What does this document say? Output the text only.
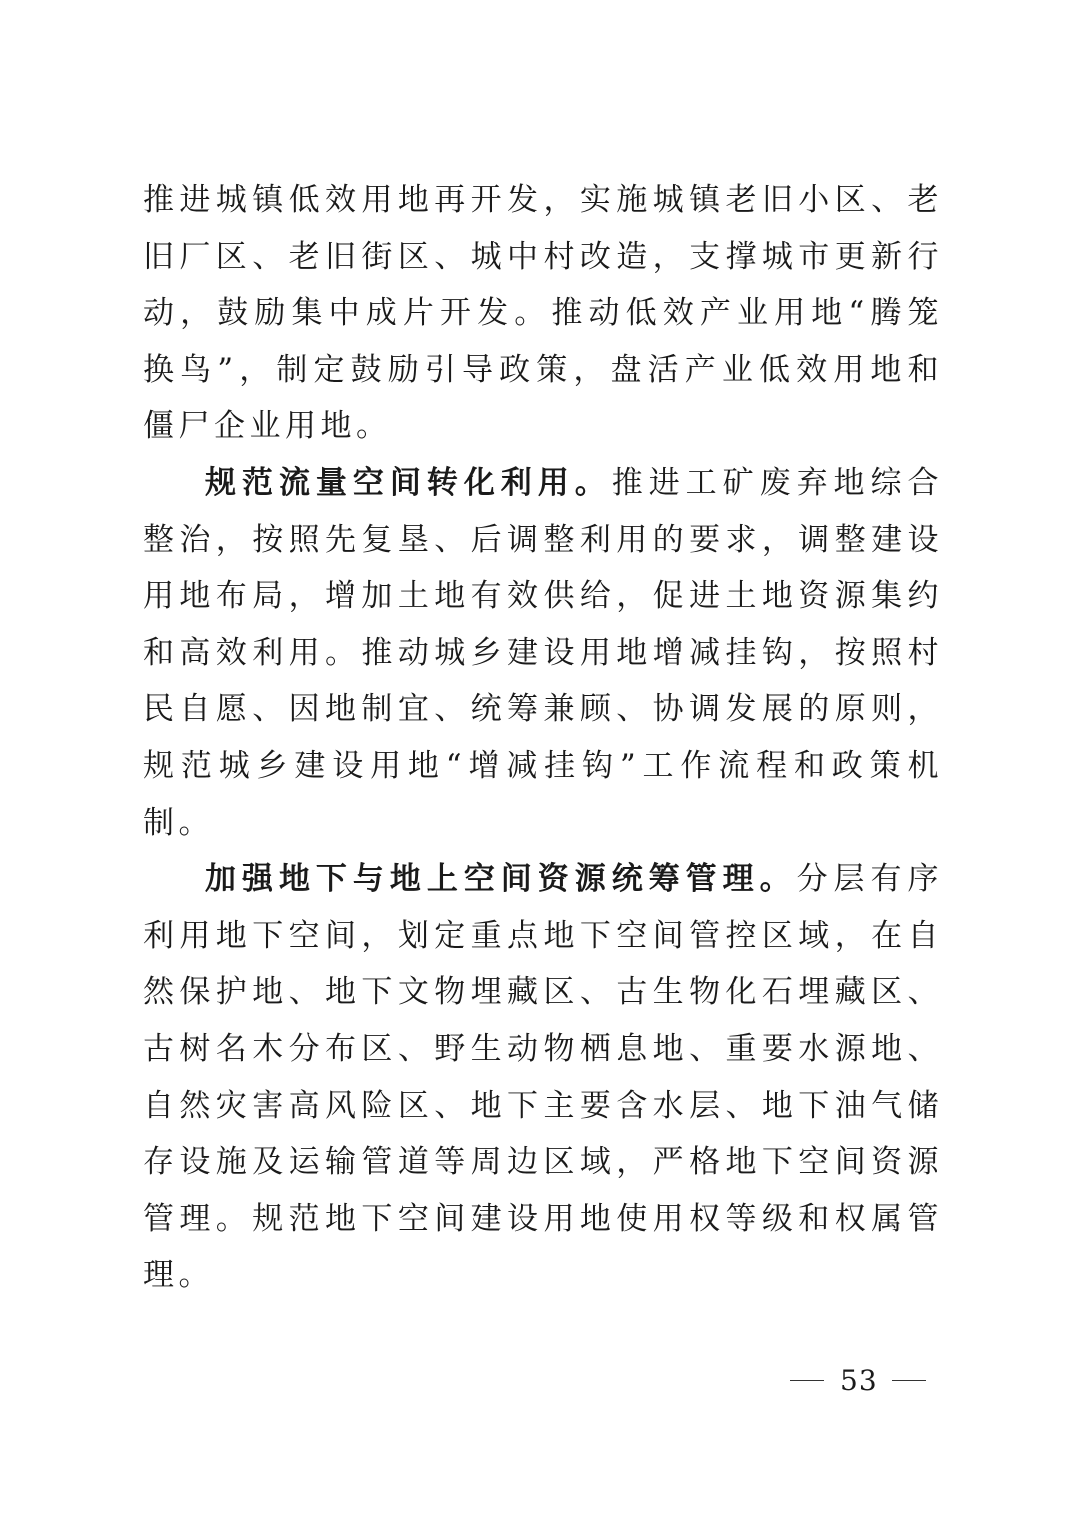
推进城镇低效用地再开发，实施城镇老旧小区、老旧厂区、老旧街区、城中村改造，支撑城市更新行动，鼓励集中成片开发。推动低效产业用地“腾笼换鸟”，制定鼓励引导政策，盘活产业低效用地和僵尸企业用地。

规范流量空间转化利用。推进工矿废弃地综合整治，按照先复垦、后调整利用的要求，调整建设用地布局，增加土地有效供给，促进土地资源集约和高效利用。推动城乡建设用地增减挂钩，按照村民自愿、因地制宜、统筹兼顾、协调发展的原则，规范城乡建设用地“增减挂钩”工作流程和政策机制。

加强地下与地上空间资源统筹管理。分层有序利用地下空间，划定重点地下空间管控区域，在自然保护地、地下文物埋藏区、古生物化石埋藏区、古树名木分布区、野生动物栖息地、重要水源地、自然灾害高风险区、地下主要含水层、地下油气储存设施及运输管道等周边区域，严格地下空间资源管理。规范地下空间建设用地使用权等级和权属管理。

53
